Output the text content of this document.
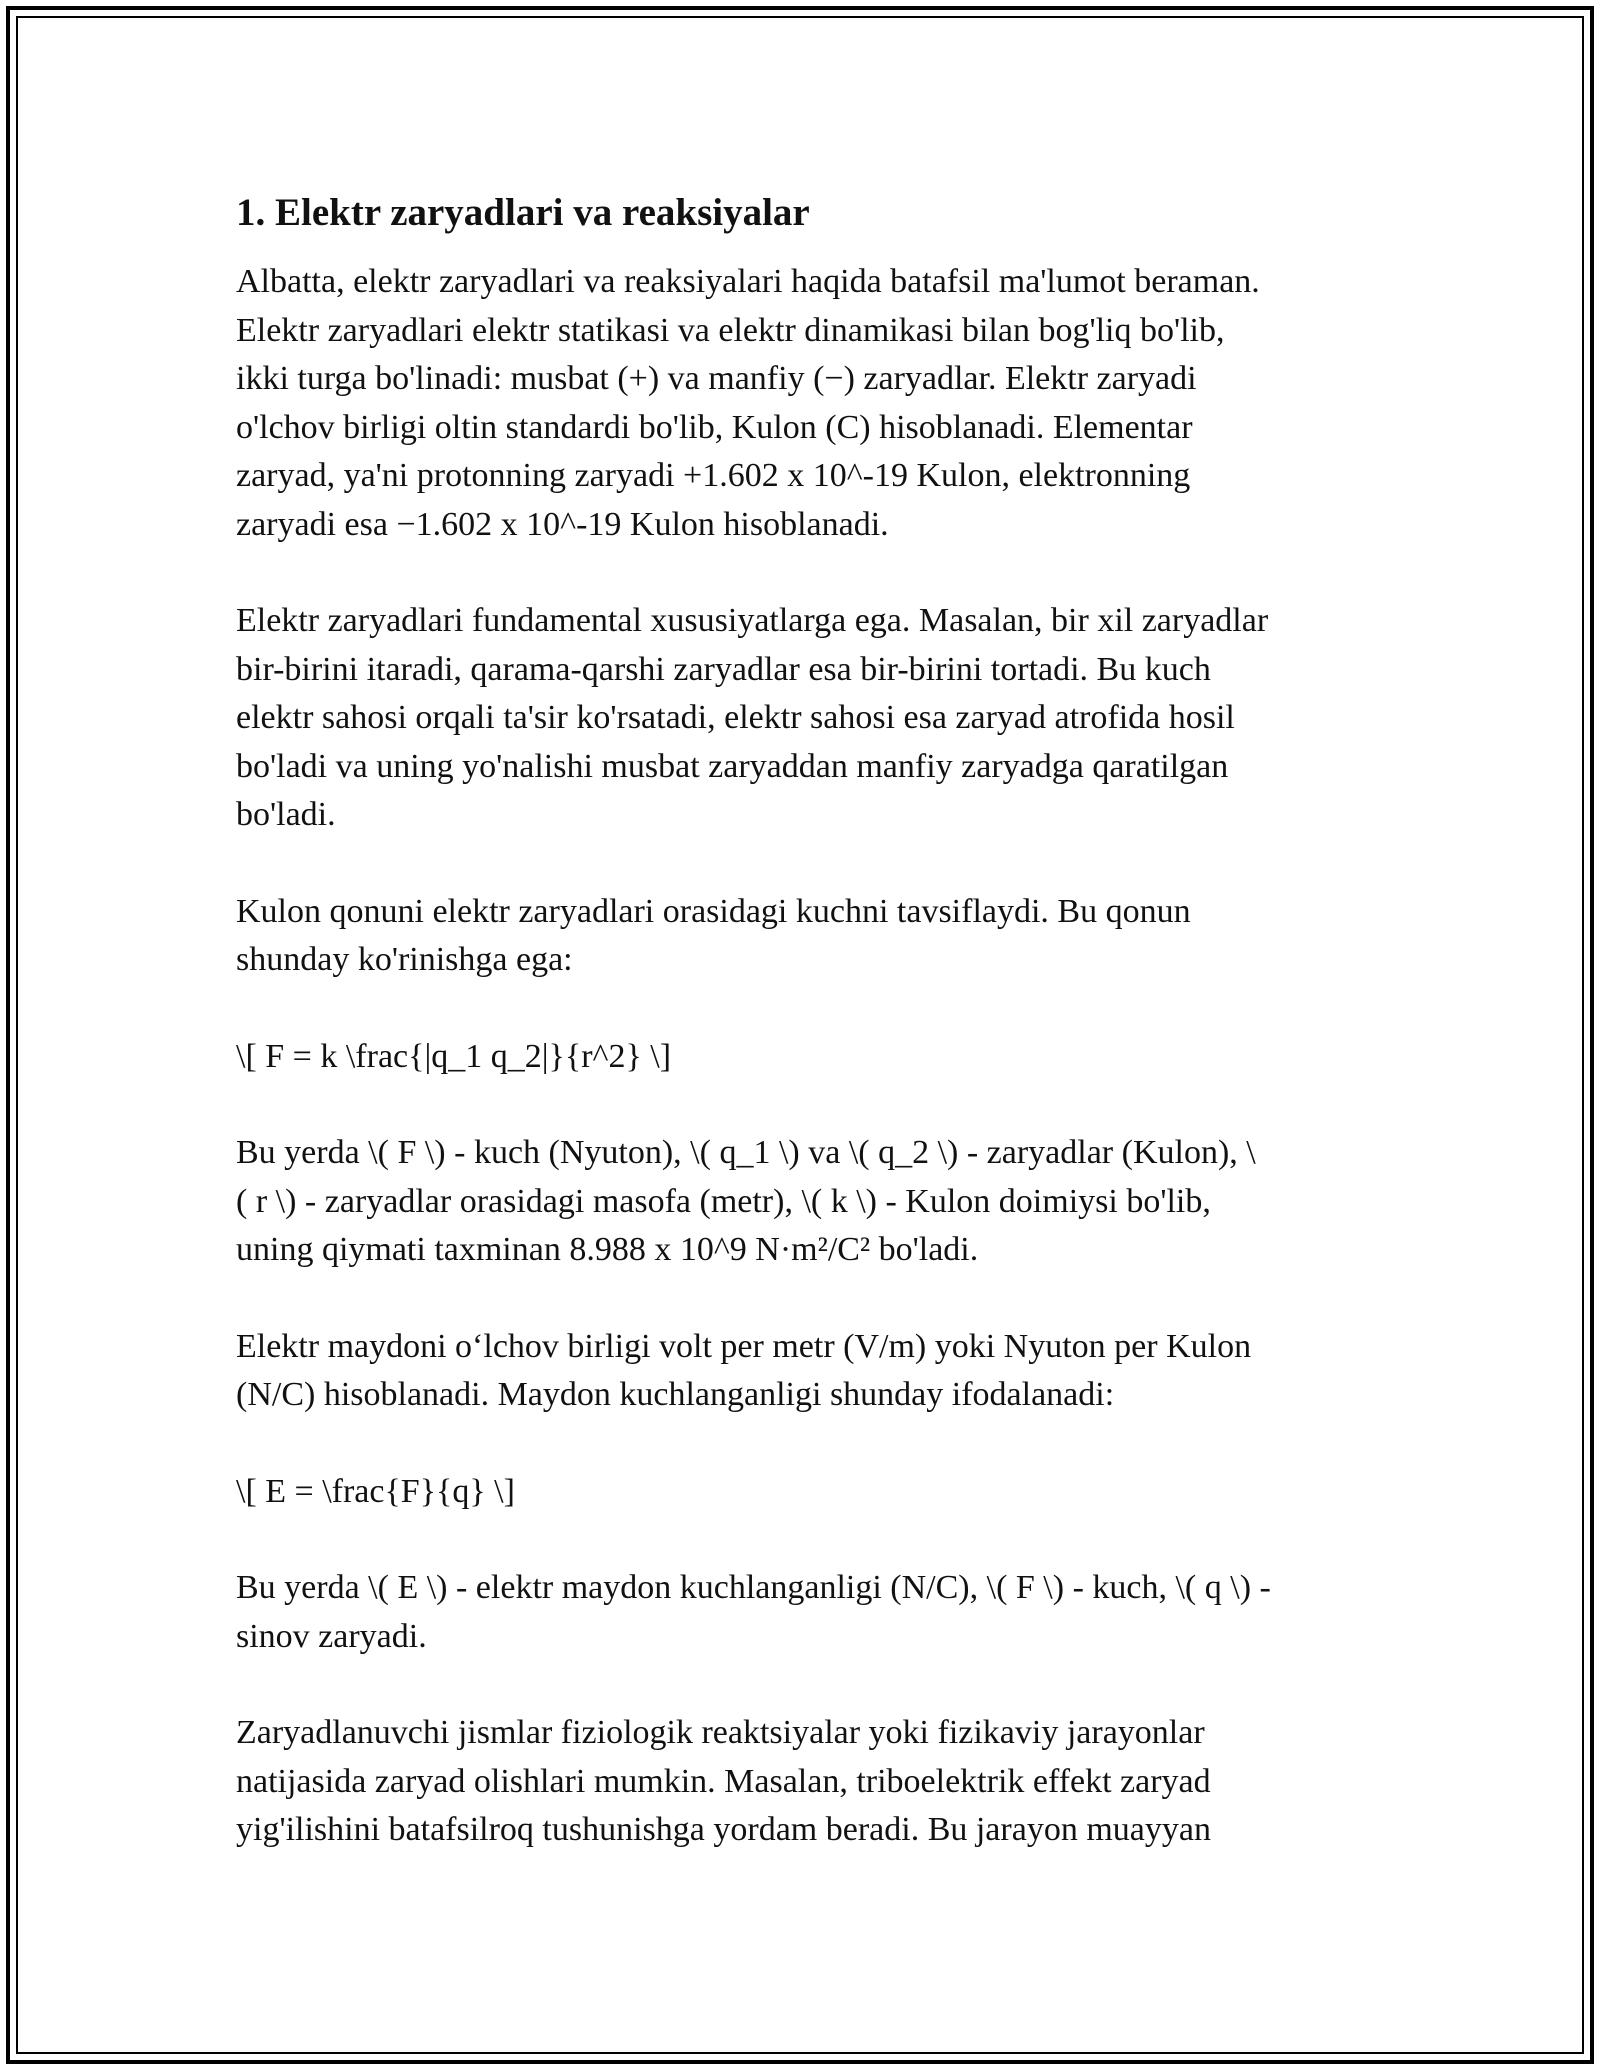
1. Elektr zaryadlari va reaksiyalar
Albatta, elektr zaryadlari va reaksiyalari haqida batafsil ma'lumot beraman.
Elektr zaryadlari elektr statikasi va elektr dinamikasi bilan bog'liq bo'lib,
ikki turga bo'linadi: musbat (+) va manfiy (−) zaryadlar. Elektr zaryadi
o'lchov birligi oltin standardi bo'lib, Kulon (C) hisoblanadi. Elementar
zaryad, ya'ni protonning zaryadi +1.602 x 10^-19 Kulon, elektronning
zaryadi esa −1.602 x 10^-19 Kulon hisoblanadi.
Elektr zaryadlari fundamental xususiyatlarga ega. Masalan, bir xil zaryadlar
bir-birini itaradi, qarama-qarshi zaryadlar esa bir-birini tortadi. Bu kuch
elektr sahosi orqali ta'sir ko'rsatadi, elektr sahosi esa zaryad atrofida hosil
bo'ladi va uning yo'nalishi musbat zaryaddan manfiy zaryadga qaratilgan
bo'ladi.
Kulon qonuni elektr zaryadlari orasidagi kuchni tavsiflaydi. Bu qonun
shunday ko'rinishga ega:
\[ F = k \frac{|q_1 q_2|}{r^2} \]
Bu yerda \( F \) - kuch (Nyuton), \( q_1 \) va \( q_2 \) - zaryadlar (Kulon), \
( r \) - zaryadlar orasidagi masofa (metr), \( k \) - Kulon doimiysi bo'lib,
uning qiymati taxminan 8.988 x 10^9 N·m²/C² bo'ladi.
Elektr maydoni oʻlchov birligi volt per metr (V/m) yoki Nyuton per Kulon
(N/C) hisoblanadi. Maydon kuchlanganligi shunday ifodalanadi:
\[ E = \frac{F}{q} \]
Bu yerda \( E \) - elektr maydon kuchlanganligi (N/C), \( F \) - kuch, \( q \) -
sinov zaryadi.
Zaryadlanuvchi jismlar fiziologik reaktsiyalar yoki fizikaviy jarayonlar
natijasida zaryad olishlari mumkin. Masalan, triboelektrik effekt zaryad
yig'ilishini batafsilroq tushunishga yordam beradi. Bu jarayon muayyan
